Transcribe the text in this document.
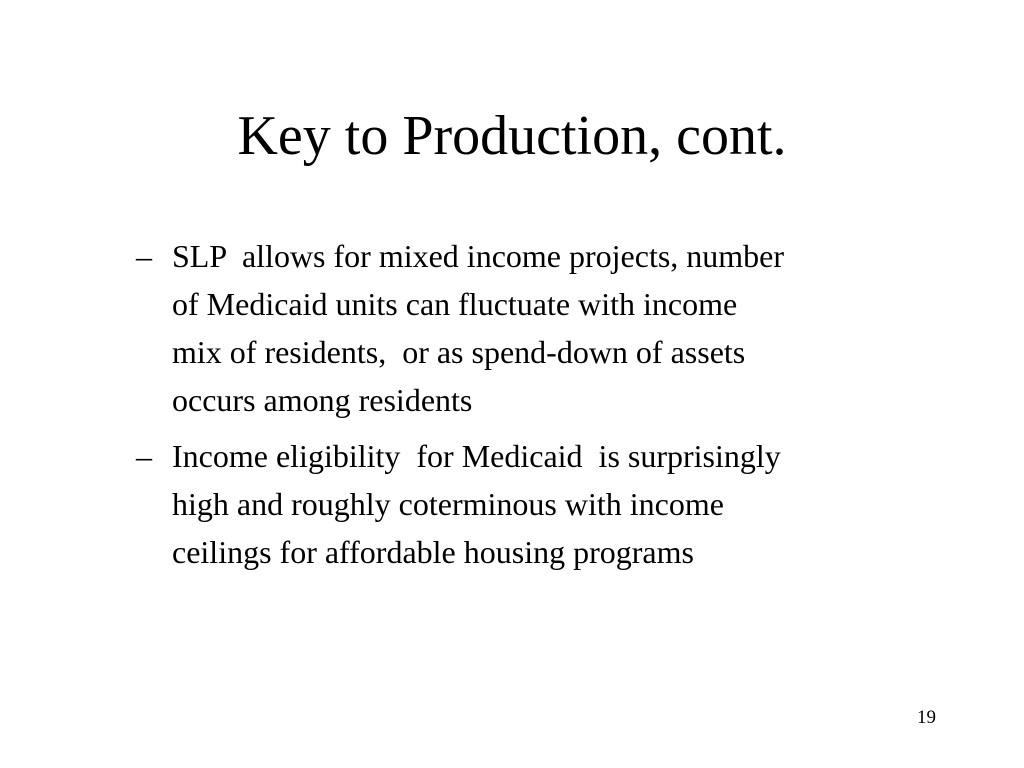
Key to Production, cont.
– SLP  allows for mixed income projects, number
of Medicaid units can fluctuate with income
mix of residents,  or as spend-down of assets
occurs among residents
– Income eligibility  for Medicaid  is surprisingly
high and roughly coterminous with income
ceilings for affordable housing programs
19
